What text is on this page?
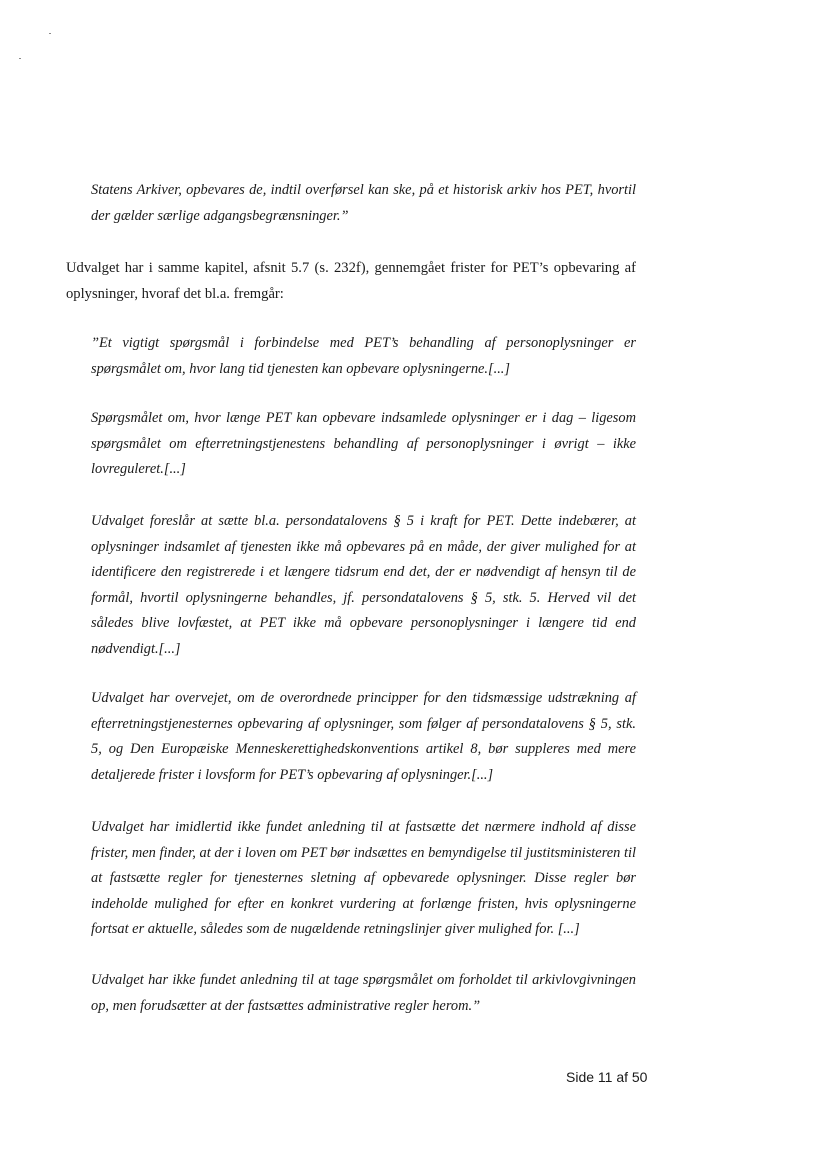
Statens Arkiver, opbevares de, indtil overførsel kan ske, på et historisk arkiv hos PET, hvortil der gælder særlige adgangsbegrænsninger.”

Udvalget har i samme kapitel, afsnit 5.7 (s. 232f), gennemgået frister for PET’s opbevaring af oplysninger, hvoraf det bl.a. fremgår:

”Et vigtigt spørgsmål i forbindelse med PET’s behandling af personoplysninger er spørgsmålet om, hvor lang tid tjenesten kan opbevare oplysningerne.[...]

Spørgsmålet om, hvor længe PET kan opbevare indsamlede oplysninger er i dag – ligesom spørgsmålet om efterretningstjenestens behandling af personoplysninger i øvrigt – ikke lovreguleret.[...]

Udvalget foreslår at sætte bl.a. persondatalovens § 5 i kraft for PET. Dette indebærer, at oplysninger indsamlet af tjenesten ikke må opbevares på en måde, der giver mulighed for at identificere den registrerede i et længere tidsrum end det, der er nødvendigt af hensyn til de formål, hvortil oplysningerne behandles, jf. persondatalovens § 5, stk. 5. Herved vil det således blive lovfæstet, at PET ikke må opbevare personoplysninger i længere tid end nødvendigt.[...]

Udvalget har overvejet, om de overordnede principper for den tidsmæssige udstrækning af efterretningstjenesternes opbevaring af oplysninger, som følger af persondatalovens § 5, stk. 5, og Den Europæiske Menneskerettighedskonventions artikel 8, bør suppleres med mere detaljerede frister i lovsform for PET’s opbevaring af oplysninger.[...]

Udvalget har imidlertid ikke fundet anledning til at fastsætte det nærmere indhold af disse frister, men finder, at der i loven om PET bør indsættes en bemyndigelse til justitsministeren til at fastsætte regler for tjenesternes sletning af opbevarede oplysninger. Disse regler bør indeholde mulighed for efter en konkret vurdering at forlænge fristen, hvis oplysningerne fortsat er aktuelle, således som de nugældende retningslinjer giver mulighed for. [...]

Udvalget har ikke fundet anledning til at tage spørgsmålet om forholdet til arkivlovgivningen op, men forudsætter at der fastsættes administrative regler herom.”

Side 11 af 50
